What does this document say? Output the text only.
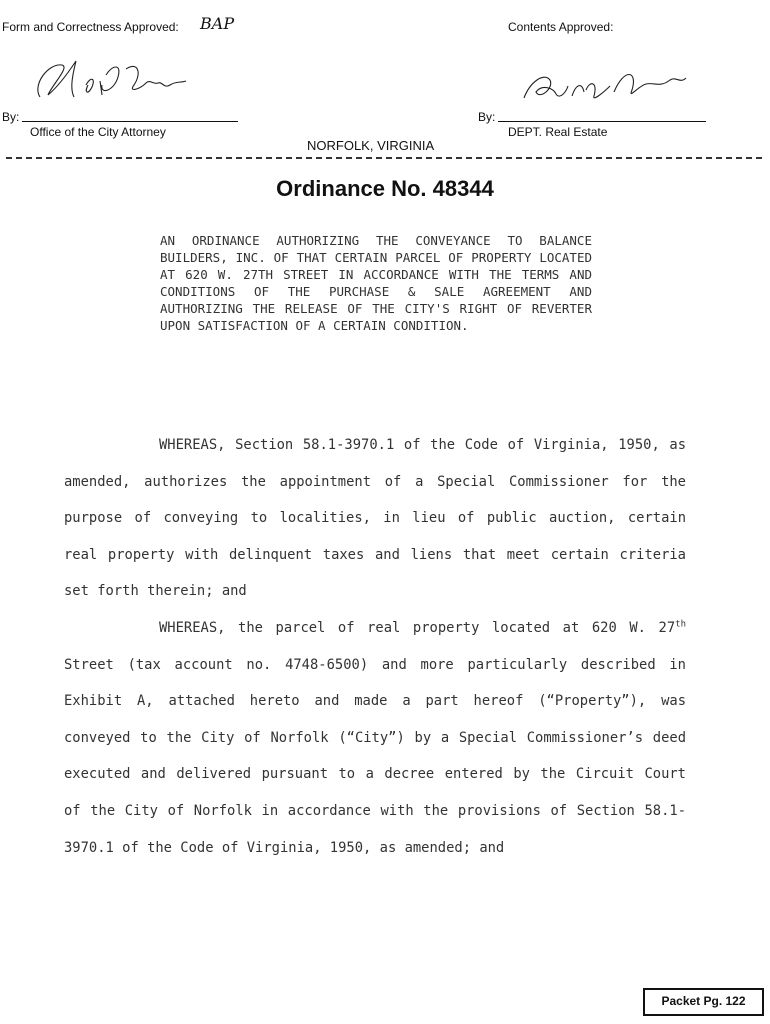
Form and Correctness Approved: BAP	Contents Approved:
By:
Office of the City Attorney
By:
DEPT. Real Estate
NORFOLK, VIRGINIA
Ordinance No. 48344
AN ORDINANCE AUTHORIZING THE CONVEYANCE TO BALANCE BUILDERS, INC. OF THAT CERTAIN PARCEL OF PROPERTY LOCATED AT 620 W. 27TH STREET IN ACCORDANCE WITH THE TERMS AND CONDITIONS OF THE PURCHASE & SALE AGREEMENT AND AUTHORIZING THE RELEASE OF THE CITY'S RIGHT OF REVERTER UPON SATISFACTION OF A CERTAIN CONDITION.
WHEREAS, Section 58.1-3970.1 of the Code of Virginia, 1950, as amended, authorizes the appointment of a Special Commissioner for the purpose of conveying to localities, in lieu of public auction, certain real property with delinquent taxes and liens that meet certain criteria set forth therein; and
WHEREAS, the parcel of real property located at 620 W. 27th Street (tax account no. 4748-6500) and more particularly described in Exhibit A, attached hereto and made a part hereof (“Property”), was conveyed to the City of Norfolk (“City”) by a Special Commissioner’s deed executed and delivered pursuant to a decree entered by the Circuit Court of the City of Norfolk in accordance with the provisions of Section 58.1-3970.1 of the Code of Virginia, 1950, as amended; and
Packet Pg. 122
